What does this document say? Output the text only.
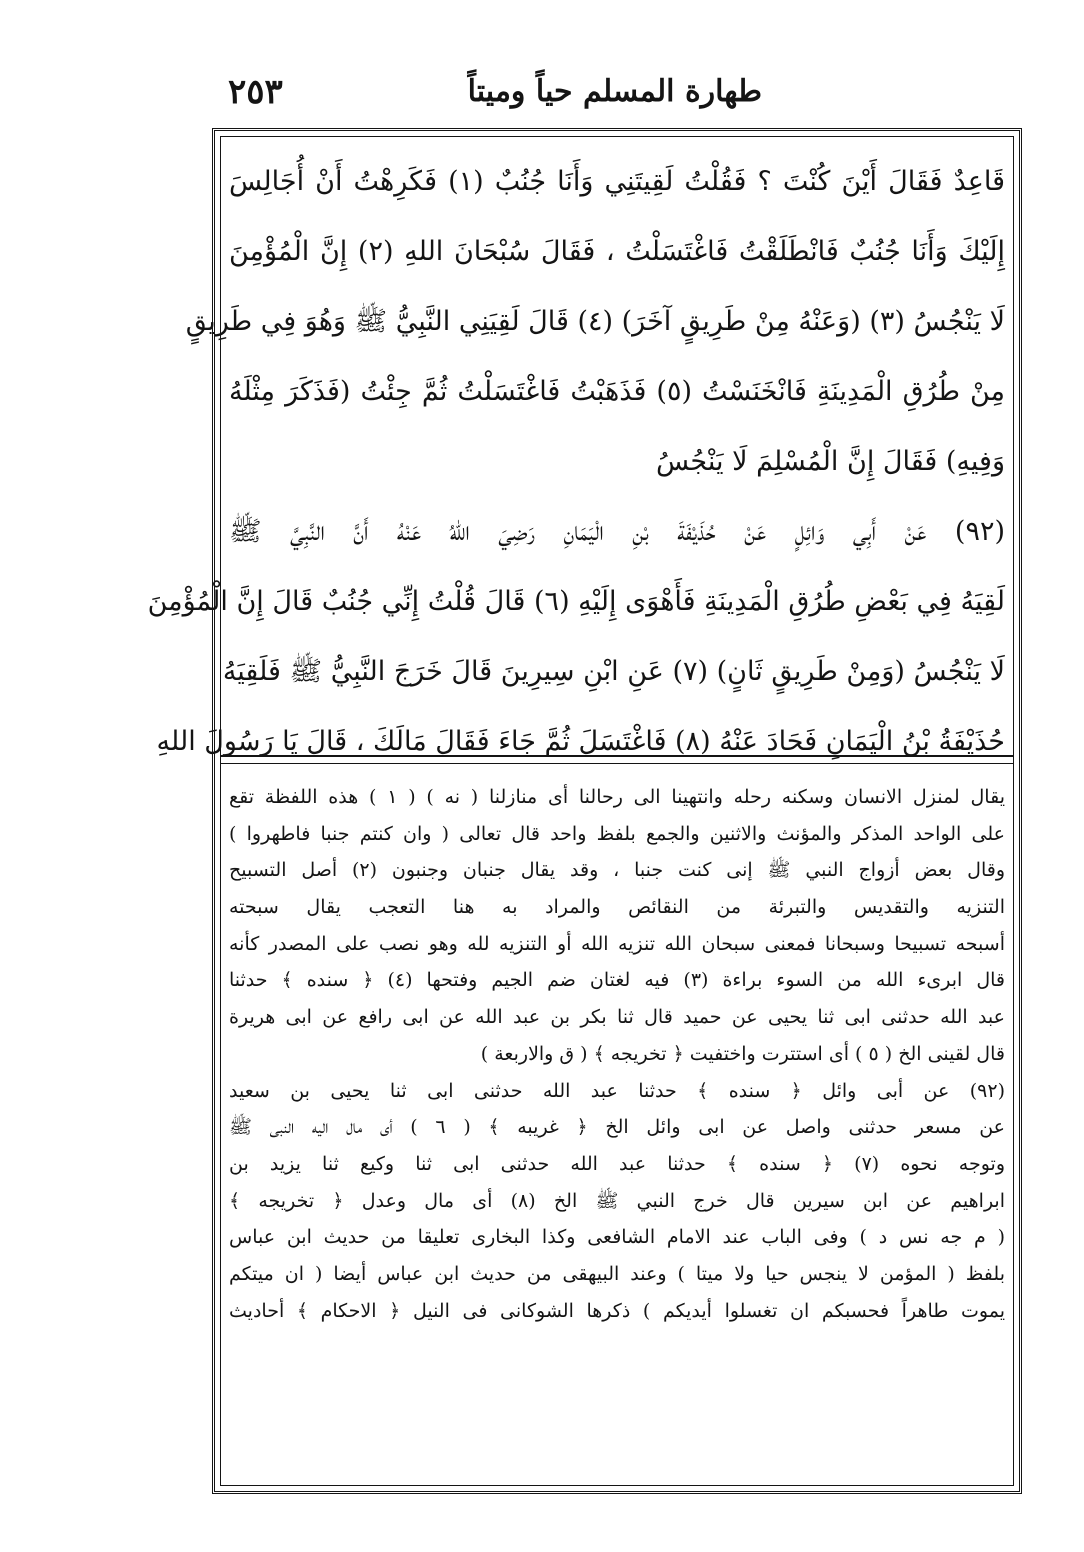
٢٥٣	طهارة المسلم حياً وميتاً
قَاعِدٌ فَقَالَ أَيْنَ كُنْتَ ؟ فَقُلْتُ لَقِيتَنِي وَأَنَا جُنُبٌ (١) فَكَرِهْتُ أَنْ أُجَالِسَ
إِلَيْكَ وَأَنَا جُنُبٌ فَانْطَلَقْتُ فَاغْتَسَلْتُ ، فَقَالَ سُبْحَانَ اللهِ (٢) إِنَّ الْمُؤْمِنَ
لَا يَنْجُسُ (٣) (وَعَنْهُ مِنْ طَرِيقٍ آخَرَ) (٤) قَالَ لَقِيَنِي النَّبِيُّ ﷺ وَهُوَ فِي طَرِيقٍ
مِنْ طُرُقِ الْمَدِينَةِ فَانْخَنَسْتُ (٥) فَذَهَبْتُ فَاغْتَسَلْتُ ثُمَّ جِئْتُ (فَذَكَرَ مِثْلَهُ
وَفِيهِ) فَقَالَ إِنَّ الْمُسْلِمَ لَا يَنْجُسُ
(٩٢) عَنْ أَبِي وَائِلٍ عَنْ حُذَيْفَةَ بْنِ الْيَمَانِ رَضِيَ اللهُ عَنْهُ أَنَّ النَّبِيَّ ﷺ
لَقِيَهُ فِي بَعْضِ طُرُقِ الْمَدِينَةِ فَأَهْوَى إِلَيْهِ (٦) قَالَ قُلْتُ إِنِّي جُنُبٌ قَالَ إِنَّ الْمُؤْمِنَ
لَا يَنْجُسُ (وَمِنْ طَرِيقٍ ثَانٍ) (٧) عَنِ ابْنِ سِيرِينَ قَالَ خَرَجَ النَّبِيُّ ﷺ فَلَقِيَهُ
حُذَيْفَةُ بْنُ الْيَمَانِ فَحَادَ عَنْهُ (٨) فَاغْتَسَلَ ثُمَّ جَاءَ فَقَالَ مَالَكَ ، قَالَ يَا رَسُولَ اللهِ
يقال لمنزل الانسان وسكنه رحله وانتهينا الى رحالنا أى منازلنا ( نه ) ( ١ ) هذه اللفظة تقع
على الواحد المذكر والمؤنث والاثنين والجمع بلفظ واحد قال تعالى ( وان كنتم جنبا فاطهروا )
وقال بعض أزواج النبي ﷺ إنى كنت جنبا ، وقد يقال جنبان وجنبون (٢) أصل التسبيح
التنزيه والتقديس والتبرئة من النقائص والمراد به هنا التعجب يقال سبحته
أسبحه تسبيحا وسبحانا فمعنى سبحان الله تنزيه الله أو التنزيه لله وهو نصب على المصدر كأنه
قال ابرىء الله من السوء براءة (٣) فيه لغتان ضم الجيم وفتحها (٤) ﴿ سنده ﴾ حدثنا
عبد الله حدثنى ابى ثنا يحيى عن حميد قال ثنا بكر بن عبد الله عن ابى رافع عن ابى هريرة
قال لقينى الخ ( ٥ ) أى استترت واختفيت ﴿ تخريجه ﴾ ( ق والاربعة )
(٩٢) عن أبى وائل ﴿ سنده ﴾ حدثنا عبد الله حدثنى ابى ثنا يحيى بن سعيد
عن مسعر حدثنى واصل عن ابى وائل الخ ﴿ غريبه ﴾ ( ٦ ) أى مال اليه النبى ﷺ
وتوجه نحوه (٧) ﴿ سنده ﴾ حدثنا عبد الله حدثنى ابى ثنا وكيع ثنا يزيد بن
ابراهيم عن ابن سيرين قال خرج النبي ﷺ الخ (٨) أى مال وعدل ﴿ تخريجه ﴾
( م جه نس د ) وفى الباب عند الامام الشافعى وكذا البخارى تعليقا من حديث ابن عباس
بلفظ ( المؤمن لا ينجس حيا ولا ميتا ) وعند البيهقى من حديث ابن عباس أيضا ( ان ميتكم
يموت طاهراً فحسبكم ان تغسلوا أيديكم ) ذكرها الشوكانى فى النيل ﴿ الاحكام ﴾ أحاديث
